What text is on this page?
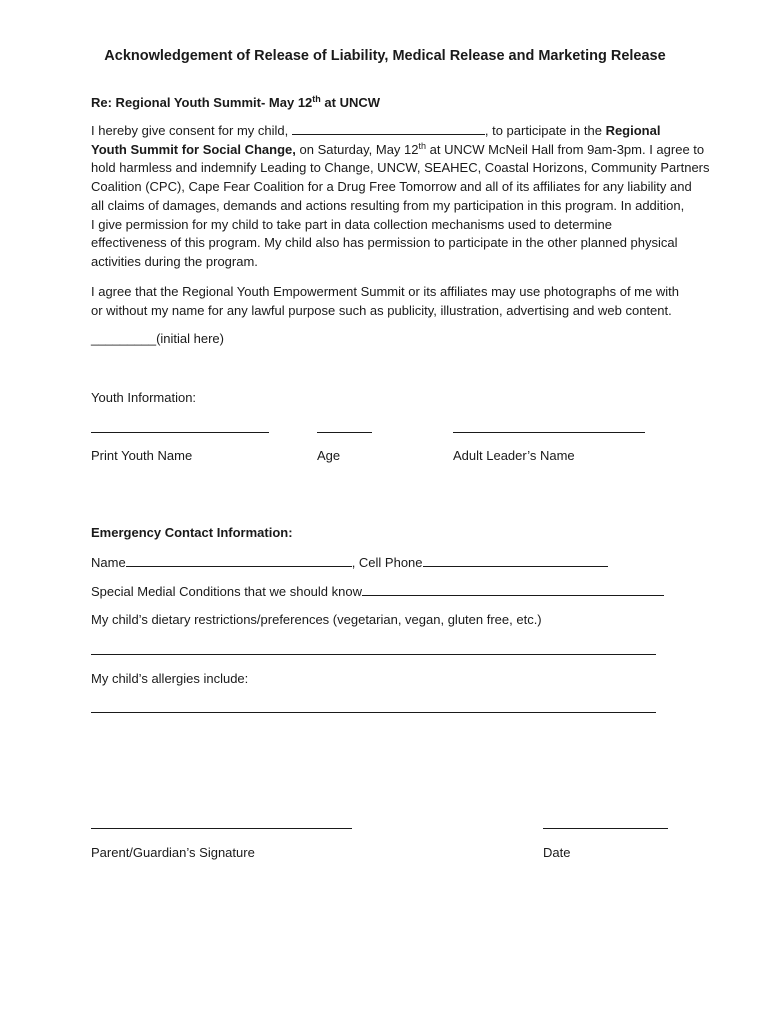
Acknowledgement of Release of Liability, Medical Release and Marketing Release
Re: Regional Youth Summit- May 12th at UNCW
I hereby give consent for my child,	, to participate in the Regional
Youth Summit for Social Change, on Saturday, May 12th at UNCW McNeil Hall from 9am-3pm. I agree to
hold harmless and indemnify Leading to Change, UNCW, SEAHEC, Coastal Horizons, Community Partners
Coalition (CPC), Cape Fear Coalition for a Drug Free Tomorrow and all of its affiliates for any liability and
all claims of damages, demands and actions resulting from my participation in this program. In addition,
I give permission for my child to take part in data collection mechanisms used to determine
effectiveness of this program. My child also has permission to participate in the other planned physical
activities during the program.
I agree that the Regional Youth Empowerment Summit or its affiliates may use photographs of me with
or without my name for any lawful purpose such as publicity, illustration, advertising and web content.
_________(initial here)
Youth Information:
Print Youth Name	Age	Adult Leader’s Name
Emergency Contact Information:
Name	, Cell Phone
Special Medial Conditions that we should know
My child’s dietary restrictions/preferences (vegetarian, vegan, gluten free, etc.)
My child’s allergies include:
Parent/Guardian’s Signature	Date
